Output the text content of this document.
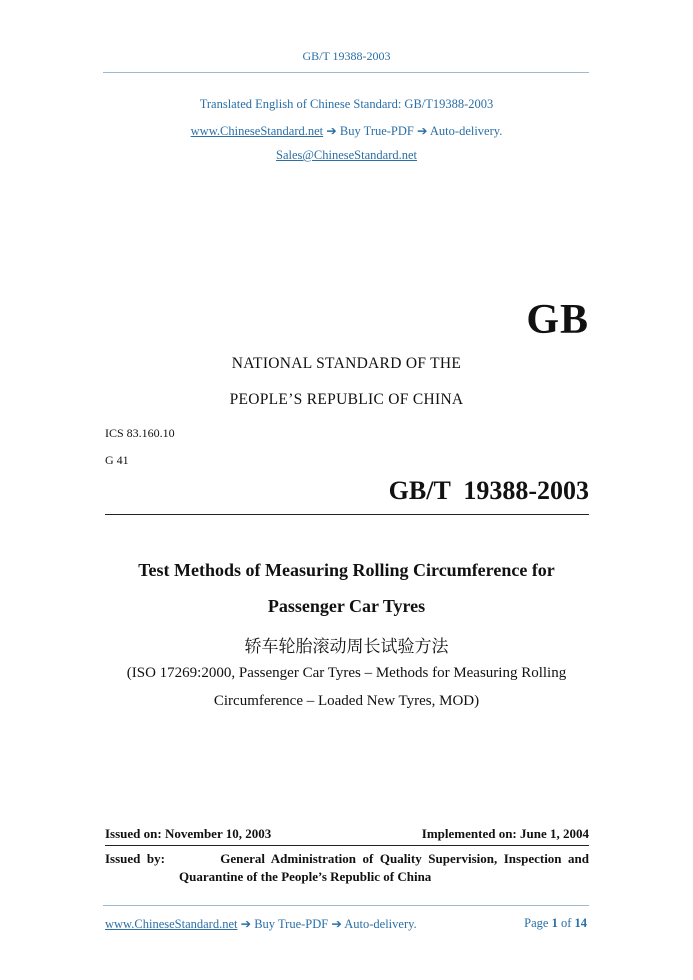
GB/T 19388-2003
Translated English of Chinese Standard: GB/T19388-2003
www.ChineseStandard.net ➔ Buy True-PDF ➔ Auto-delivery.
Sales@ChineseStandard.net
GB
NATIONAL STANDARD OF THE
PEOPLE’S REPUBLIC OF CHINA
ICS 83.160.10
G 41
GB/T  19388-2003
Test Methods of Measuring Rolling Circumference for
Passenger Car Tyres
轿车轮胎滚动周长试验方法
(ISO 17269:2000, Passenger Car Tyres – Methods for Measuring Rolling
Circumference – Loaded New Tyres, MOD)
Issued on: November 10, 2003	Implemented on: June 1, 2004
Issued  by:	General  Administration  of  Quality  Supervision,  Inspection  and
Quarantine of the People’s Republic of China
www.ChineseStandard.net ➔ Buy True-PDF ➔ Auto-delivery.	Page 1 of 14
